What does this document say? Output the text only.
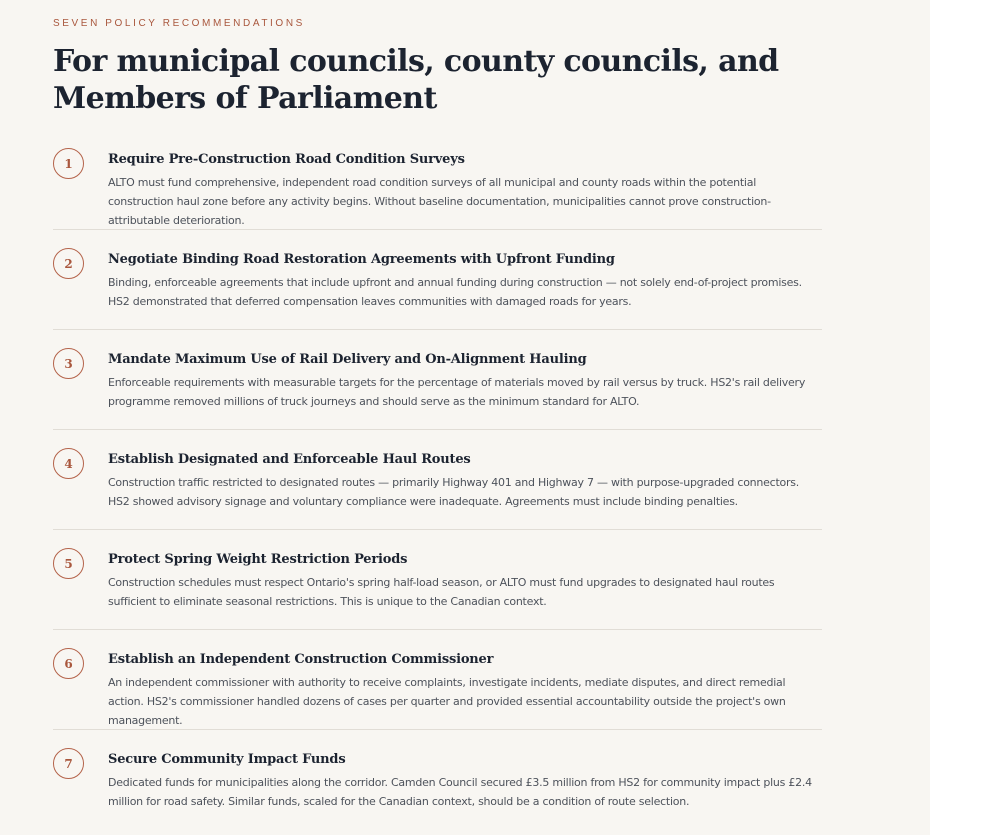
SEVEN POLICY RECOMMENDATIONS
For municipal councils, county councils, and Members of Parliament
1	Require Pre-Construction Road Condition Surveys
ALTO must fund comprehensive, independent road condition surveys of all municipal and county roads within the potential construction haul zone before any activity begins. Without baseline documentation, municipalities cannot prove construction-attributable deterioration.
2	Negotiate Binding Road Restoration Agreements with Upfront Funding
Binding, enforceable agreements that include upfront and annual funding during construction — not solely end-of-project promises. HS2 demonstrated that deferred compensation leaves communities with damaged roads for years.
3	Mandate Maximum Use of Rail Delivery and On-Alignment Hauling
Enforceable requirements with measurable targets for the percentage of materials moved by rail versus by truck. HS2's rail delivery programme removed millions of truck journeys and should serve as the minimum standard for ALTO.
4	Establish Designated and Enforceable Haul Routes
Construction traffic restricted to designated routes — primarily Highway 401 and Highway 7 — with purpose-upgraded connectors. HS2 showed advisory signage and voluntary compliance were inadequate. Agreements must include binding penalties.
5	Protect Spring Weight Restriction Periods
Construction schedules must respect Ontario's spring half-load season, or ALTO must fund upgrades to designated haul routes sufficient to eliminate seasonal restrictions. This is unique to the Canadian context.
6	Establish an Independent Construction Commissioner
An independent commissioner with authority to receive complaints, investigate incidents, mediate disputes, and direct remedial action. HS2's commissioner handled dozens of cases per quarter and provided essential accountability outside the project's own management.
7	Secure Community Impact Funds
Dedicated funds for municipalities along the corridor. Camden Council secured £3.5 million from HS2 for community impact plus £2.4 million for road safety. Similar funds, scaled for the Canadian context, should be a condition of route selection.
